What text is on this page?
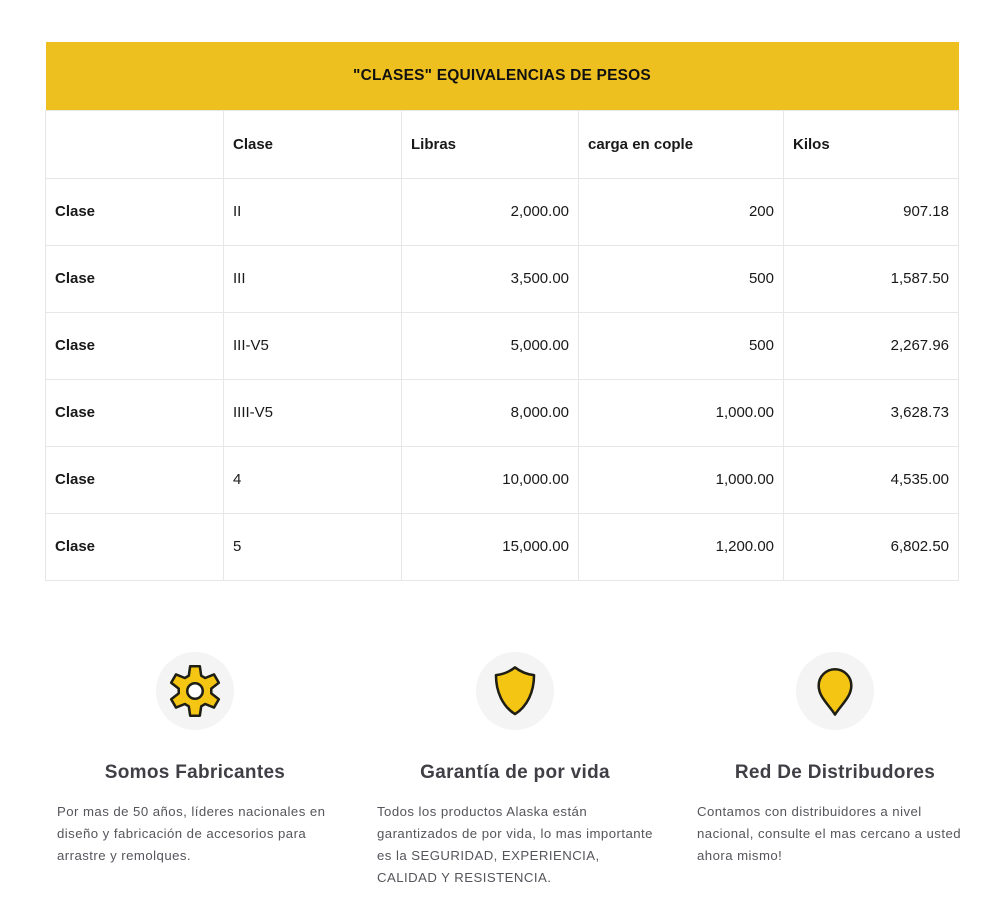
"CLASES" EQUIVALENCIAS DE PESOS				
	Clase	Libras	carga en cople	Kilos
Clase	II	2,000.00	200	907.18
Clase	III	3,500.00	500	1,587.50
Clase	III-V5	5,000.00	500	2,267.96
Clase	IIII-V5	8,000.00	1,000.00	3,628.73
Clase	4	10,000.00	1,000.00	4,535.00
Clase	5	15,000.00	1,200.00	6,802.50
Somos Fabricantes

Por mas de 50 años, líderes nacionales en diseño y fabricación de accesorios para arrastre y remolques.

Garantía de por vida

Todos los productos Alaska están garantizados de por vida, lo mas importante es la SEGURIDAD, EXPERIENCIA, CALIDAD Y RESISTENCIA.

Red De Distribudores

Contamos con distribuidores a nivel nacional, consulte el mas cercano a usted ahora mismo!
